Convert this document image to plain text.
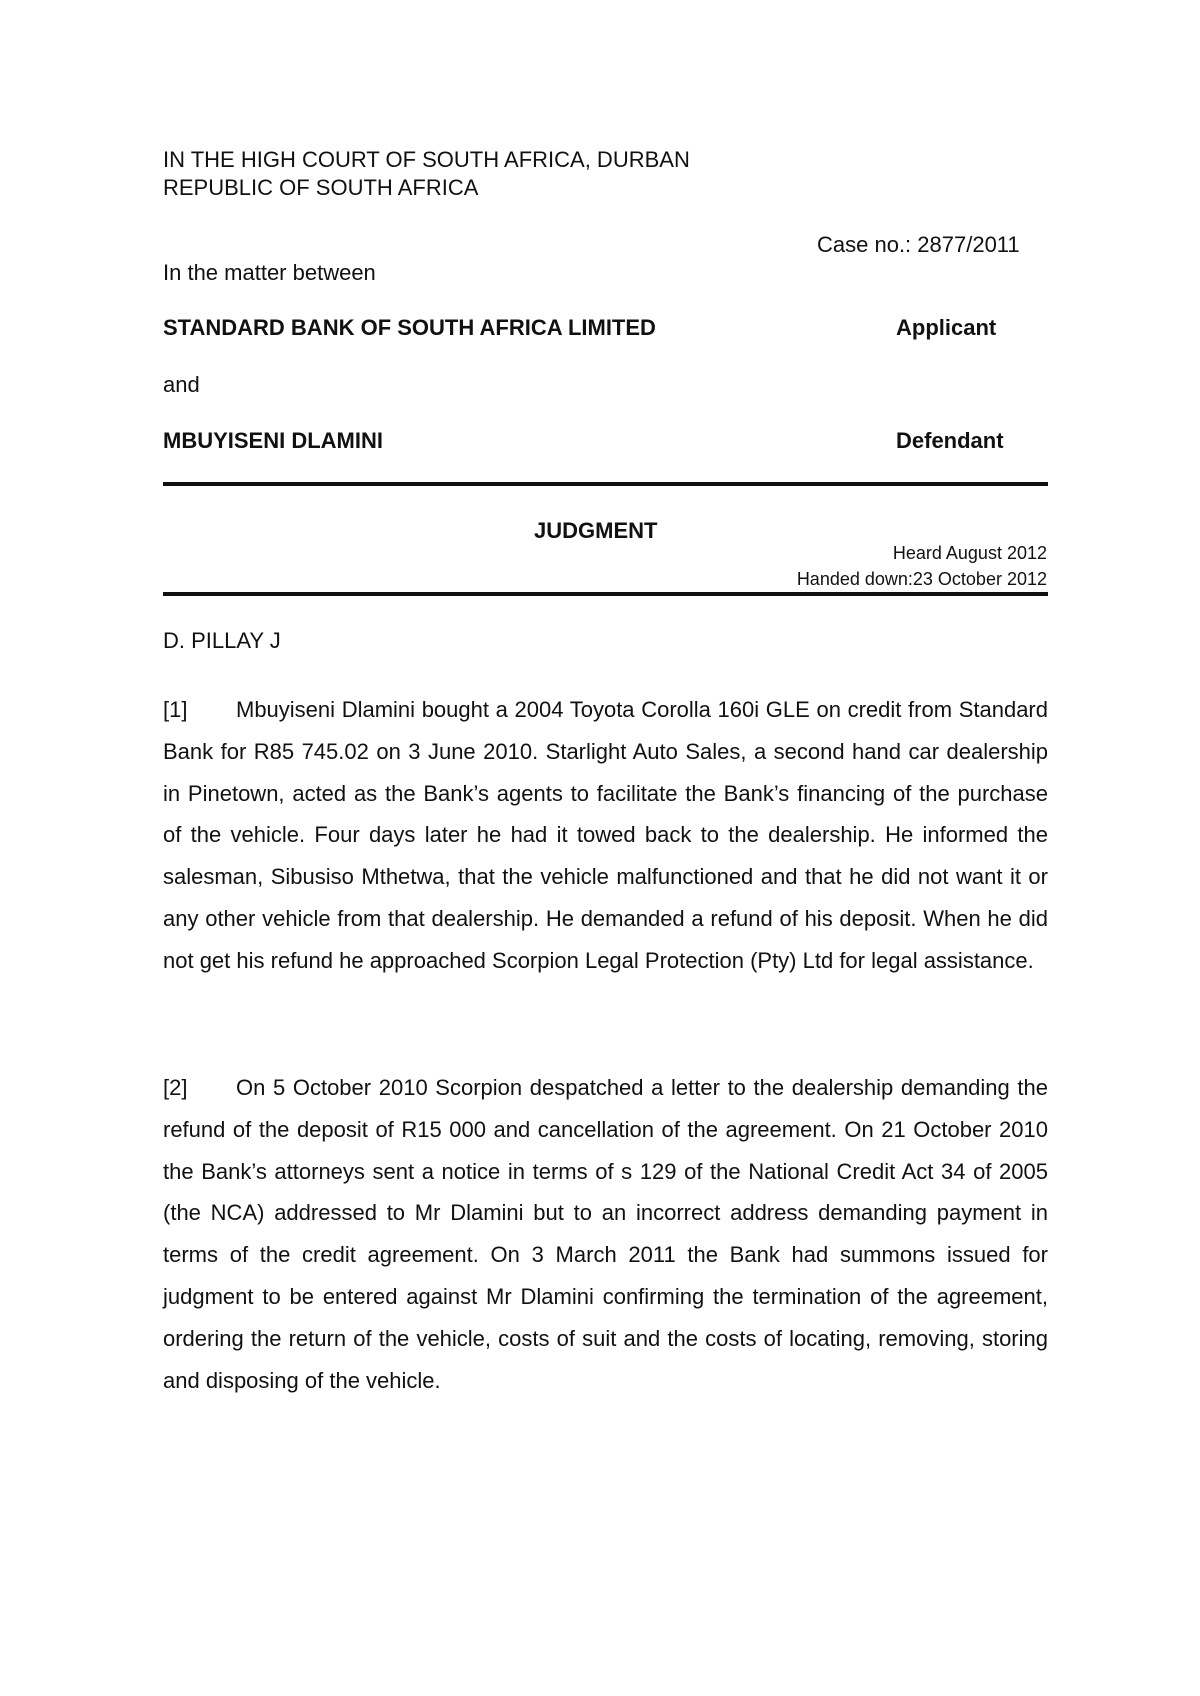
IN THE HIGH COURT OF SOUTH AFRICA, DURBAN
REPUBLIC OF SOUTH AFRICA
Case no.: 2877/2011
In the matter between
STANDARD BANK OF SOUTH AFRICA LIMITED	Applicant
and
MBUYISENI DLAMINI	Defendant
JUDGMENT
Heard August 2012
Handed down:23 October 2012
D. PILLAY J
[1] Mbuyiseni Dlamini bought a 2004 Toyota Corolla 160i GLE on credit from Standard Bank for R85 745.02 on 3 June 2010. Starlight Auto Sales, a second hand car dealership in Pinetown, acted as the Bank’s agents to facilitate the Bank’s financing of the purchase of the vehicle. Four days later he had it towed back to the dealership. He informed the salesman, Sibusiso Mthetwa, that the vehicle malfunctioned and that he did not want it or any other vehicle from that dealership. He demanded a refund of his deposit. When he did not get his refund he approached Scorpion Legal Protection (Pty) Ltd for legal assistance.
[2] On 5 October 2010 Scorpion despatched a letter to the dealership demanding the refund of the deposit of R15 000 and cancellation of the agreement. On 21 October 2010 the Bank’s attorneys sent a notice in terms of s 129 of the National Credit Act 34 of 2005 (the NCA) addressed to Mr Dlamini but to an incorrect address demanding payment in terms of the credit agreement. On 3 March 2011 the Bank had summons issued for judgment to be entered against Mr Dlamini confirming the termination of the agreement, ordering the return of the vehicle, costs of suit and the costs of locating, removing, storing and disposing of the vehicle.
